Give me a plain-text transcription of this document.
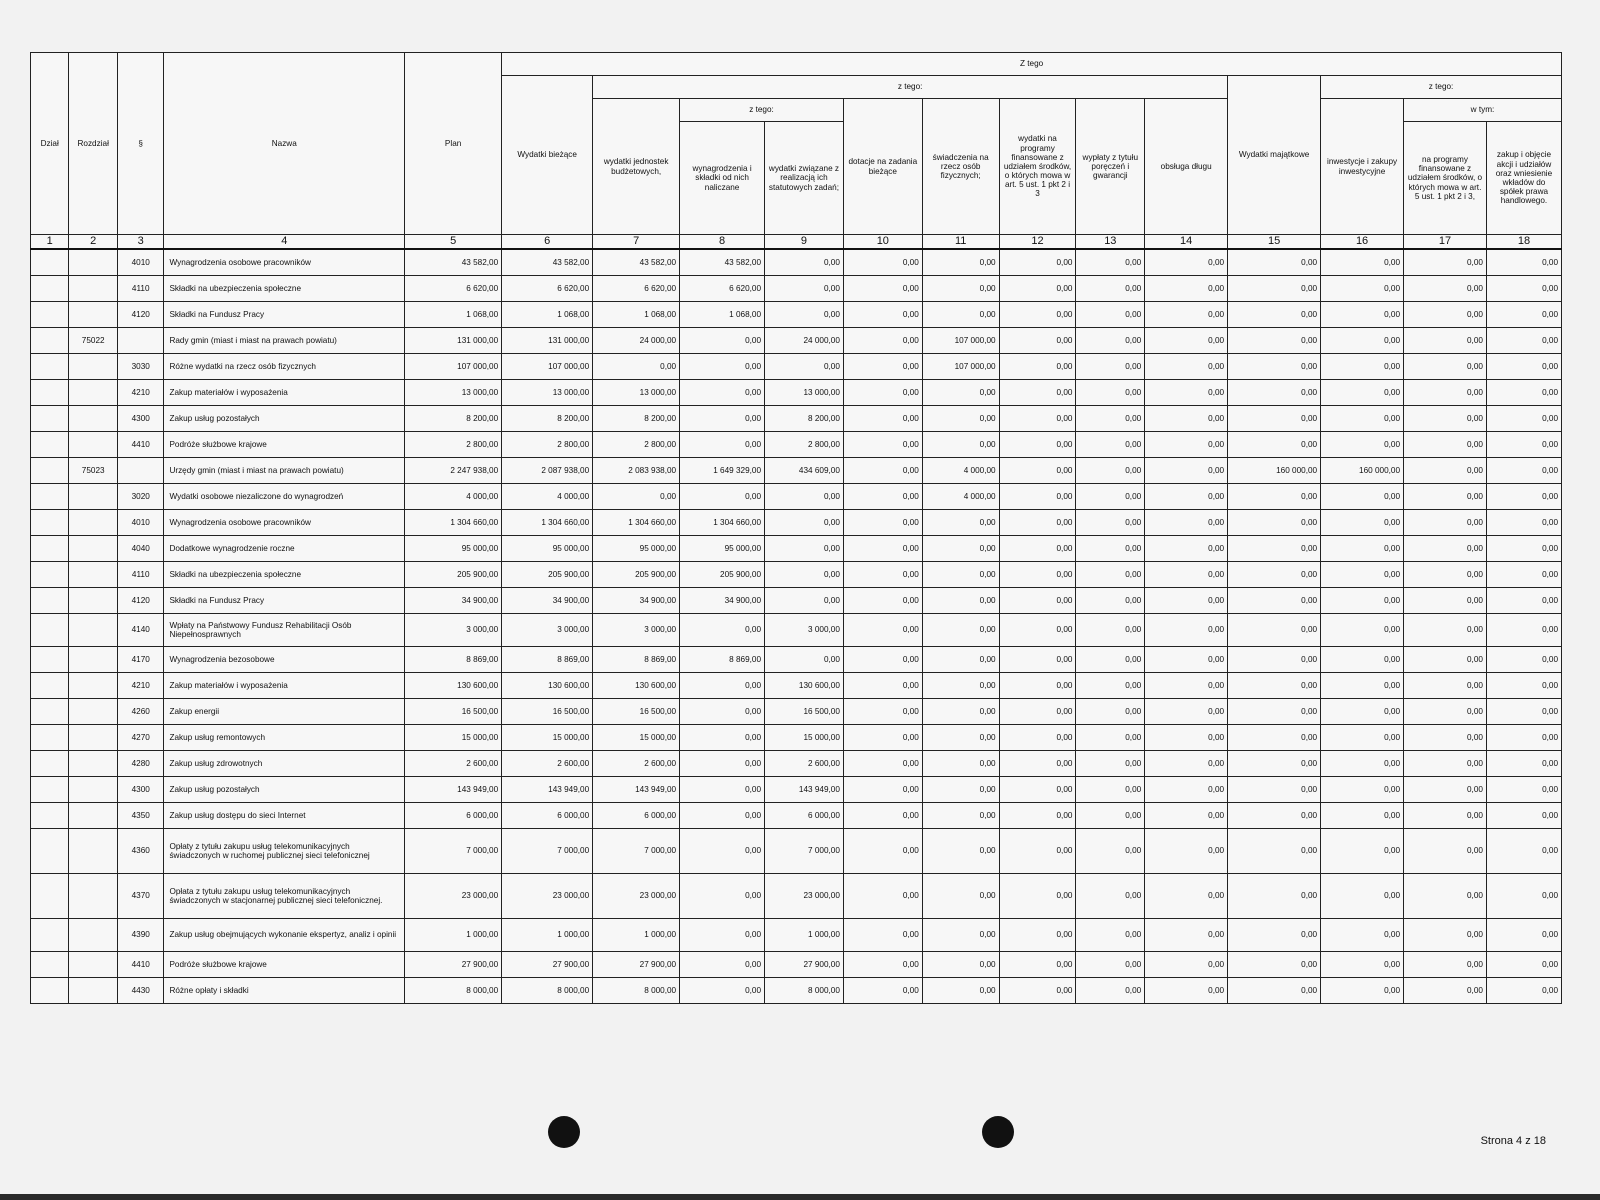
Dział	Rozdział	§	Nazwa	Plan	Z tego												
					Wydatki bieżące	z tego:								Wydatki majątkowe	z tego:		
						wydatki jednostek budżetowych,	z tego:		dotacje na zadania bieżące	świadczenia na rzecz osób fizycznych;	wydatki na programy finansowane z udziałem środków, o których mowa w art. 5 ust. 1 pkt 2 i 3	wypłaty z tytułu poręczeń i gwarancji	obsługa długu		inwestycje i zakupy inwestycyjne	w tym:	
							wynagrodzenia i składki od nich naliczane	wydatki związane z realizacją ich statutowych zadań;								na programy finansowane z udziałem środków, o których mowa w art. 5 ust. 1 pkt 2 i 3,	zakup i objęcie akcji i udziałów oraz wniesienie wkładów do spółek prawa handlowego.
1	2	3	4	5	6	7	8	9	10	11	12	13	14	15	16	17	18
		4010	Wynagrodzenia osobowe pracowników	43 582,00	43 582,00	43 582,00	43 582,00	0,00	0,00	0,00	0,00	0,00	0,00	0,00	0,00	0,00	0,00
		4110	Składki na ubezpieczenia społeczne	6 620,00	6 620,00	6 620,00	6 620,00	0,00	0,00	0,00	0,00	0,00	0,00	0,00	0,00	0,00	0,00
		4120	Składki na Fundusz Pracy	1 068,00	1 068,00	1 068,00	1 068,00	0,00	0,00	0,00	0,00	0,00	0,00	0,00	0,00	0,00	0,00
	75022		Rady gmin (miast i miast na prawach powiatu)	131 000,00	131 000,00	24 000,00	0,00	24 000,00	0,00	107 000,00	0,00	0,00	0,00	0,00	0,00	0,00	0,00
		3030	Różne wydatki na rzecz osób fizycznych	107 000,00	107 000,00	0,00	0,00	0,00	0,00	107 000,00	0,00	0,00	0,00	0,00	0,00	0,00	0,00
		4210	Zakup materiałów i wyposażenia	13 000,00	13 000,00	13 000,00	0,00	13 000,00	0,00	0,00	0,00	0,00	0,00	0,00	0,00	0,00	0,00
		4300	Zakup usług pozostałych	8 200,00	8 200,00	8 200,00	0,00	8 200,00	0,00	0,00	0,00	0,00	0,00	0,00	0,00	0,00	0,00
		4410	Podróże służbowe krajowe	2 800,00	2 800,00	2 800,00	0,00	2 800,00	0,00	0,00	0,00	0,00	0,00	0,00	0,00	0,00	0,00
	75023		Urzędy gmin (miast i miast na prawach powiatu)	2 247 938,00	2 087 938,00	2 083 938,00	1 649 329,00	434 609,00	0,00	4 000,00	0,00	0,00	0,00	160 000,00	160 000,00	0,00	0,00
		3020	Wydatki osobowe niezaliczone do wynagrodzeń	4 000,00	4 000,00	0,00	0,00	0,00	0,00	4 000,00	0,00	0,00	0,00	0,00	0,00	0,00	0,00
		4010	Wynagrodzenia osobowe pracowników	1 304 660,00	1 304 660,00	1 304 660,00	1 304 660,00	0,00	0,00	0,00	0,00	0,00	0,00	0,00	0,00	0,00	0,00
		4040	Dodatkowe wynagrodzenie roczne	95 000,00	95 000,00	95 000,00	95 000,00	0,00	0,00	0,00	0,00	0,00	0,00	0,00	0,00	0,00	0,00
		4110	Składki na ubezpieczenia społeczne	205 900,00	205 900,00	205 900,00	205 900,00	0,00	0,00	0,00	0,00	0,00	0,00	0,00	0,00	0,00	0,00
		4120	Składki na Fundusz Pracy	34 900,00	34 900,00	34 900,00	34 900,00	0,00	0,00	0,00	0,00	0,00	0,00	0,00	0,00	0,00	0,00
		4140	Wpłaty na Państwowy Fundusz Rehabilitacji Osób Niepełnosprawnych	3 000,00	3 000,00	3 000,00	0,00	3 000,00	0,00	0,00	0,00	0,00	0,00	0,00	0,00	0,00	0,00
		4170	Wynagrodzenia bezosobowe	8 869,00	8 869,00	8 869,00	8 869,00	0,00	0,00	0,00	0,00	0,00	0,00	0,00	0,00	0,00	0,00
		4210	Zakup materiałów i wyposażenia	130 600,00	130 600,00	130 600,00	0,00	130 600,00	0,00	0,00	0,00	0,00	0,00	0,00	0,00	0,00	0,00
		4260	Zakup energii	16 500,00	16 500,00	16 500,00	0,00	16 500,00	0,00	0,00	0,00	0,00	0,00	0,00	0,00	0,00	0,00
		4270	Zakup usług remontowych	15 000,00	15 000,00	15 000,00	0,00	15 000,00	0,00	0,00	0,00	0,00	0,00	0,00	0,00	0,00	0,00
		4280	Zakup usług zdrowotnych	2 600,00	2 600,00	2 600,00	0,00	2 600,00	0,00	0,00	0,00	0,00	0,00	0,00	0,00	0,00	0,00
		4300	Zakup usług pozostałych	143 949,00	143 949,00	143 949,00	0,00	143 949,00	0,00	0,00	0,00	0,00	0,00	0,00	0,00	0,00	0,00
		4350	Zakup usług dostępu do sieci Internet	6 000,00	6 000,00	6 000,00	0,00	6 000,00	0,00	0,00	0,00	0,00	0,00	0,00	0,00	0,00	0,00
		4360	Opłaty z tytułu zakupu usług telekomunikacyjnych świadczonych w ruchomej publicznej sieci telefonicznej	7 000,00	7 000,00	7 000,00	0,00	7 000,00	0,00	0,00	0,00	0,00	0,00	0,00	0,00	0,00	0,00
		4370	Opłata z tytułu zakupu usług telekomunikacyjnych świadczonych w stacjonarnej publicznej sieci telefonicznej.	23 000,00	23 000,00	23 000,00	0,00	23 000,00	0,00	0,00	0,00	0,00	0,00	0,00	0,00	0,00	0,00
		4390	Zakup usług obejmujących wykonanie ekspertyz, analiz i opinii	1 000,00	1 000,00	1 000,00	0,00	1 000,00	0,00	0,00	0,00	0,00	0,00	0,00	0,00	0,00	0,00
		4410	Podróże służbowe krajowe	27 900,00	27 900,00	27 900,00	0,00	27 900,00	0,00	0,00	0,00	0,00	0,00	0,00	0,00	0,00	0,00
		4430	Różne opłaty i składki	8 000,00	8 000,00	8 000,00	0,00	8 000,00	0,00	0,00	0,00	0,00	0,00	0,00	0,00	0,00	0,00
Strona 4 z 18
